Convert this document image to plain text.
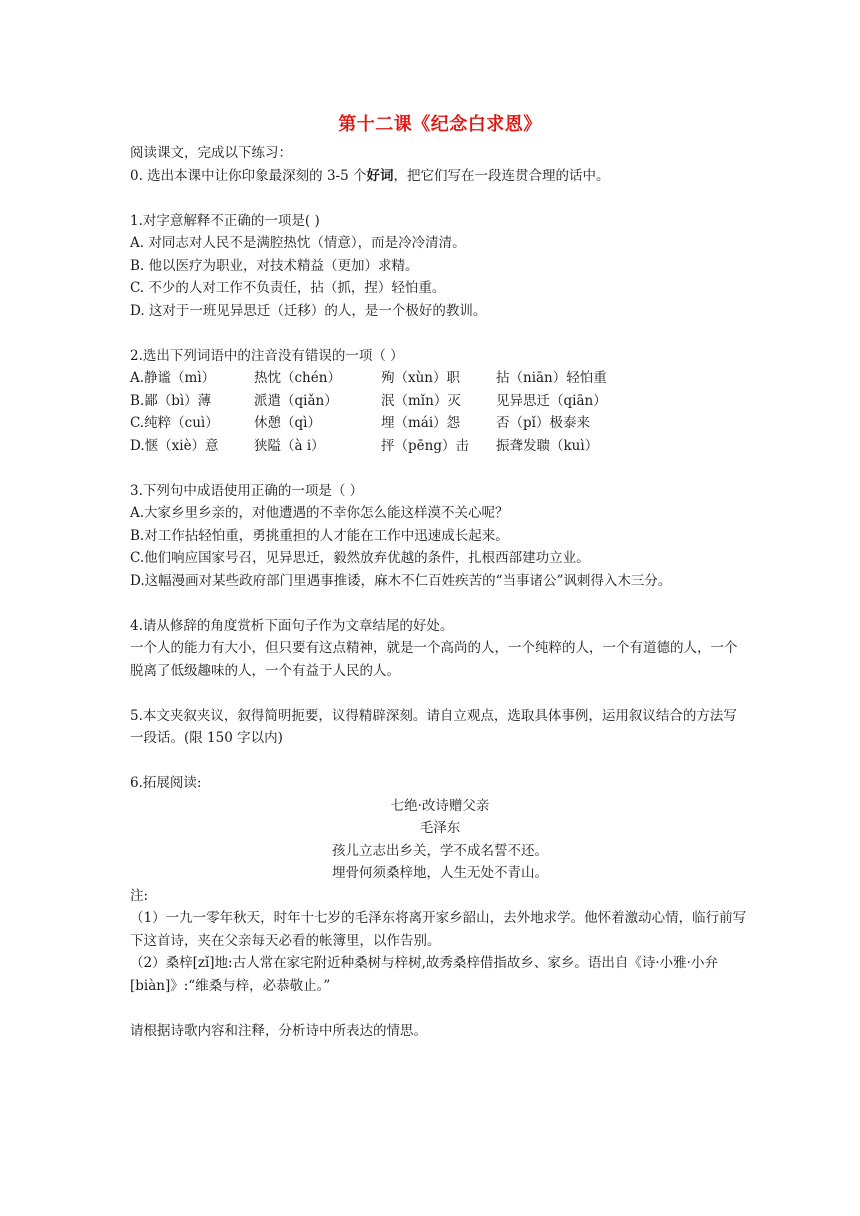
第十二课《纪念白求恩》

阅读课文，完成以下练习：

0. 选出本课中让你印象最深刻的 3-5 个好词，把它们写在一段连贯合理的话中。

1.对字意解释不正确的一项是( )

A. 对同志对人民不是满腔热忱（情意），而是冷冷清清。

B. 他以医疗为职业，对技术精益（更加）求精。

C. 不少的人对工作不负责任，拈（抓，捏）轻怕重。

D. 这对于一班见异思迁（迁移）的人，是一个极好的教训。

2.选出下列词语中的注音没有错误的一项（ ）

A.静谧（mì）	热忱（chén）	殉（xùn）职	拈（niān）轻怕重
B.鄙（bì）薄	派遣（qiǎn）	泯（mǐn）灭	见异思迁（qiān）
C.纯粹（cuì）	休憩（qì）	埋（mái）怨	否（pǐ）极泰来
D.惬（xiè）意	狭隘（à i）	抨（pēng）击	振聋发聩（kuì）

3.下列句中成语使用正确的一项是（ ）

A.大家乡里乡亲的，对他遭遇的不幸你怎么能这样漠不关心呢？

B.对工作拈轻怕重，勇挑重担的人才能在工作中迅速成长起来。

C.他们响应国家号召，见异思迁，毅然放弃优越的条件，扎根西部建功立业。

D.这幅漫画对某些政府部门里遇事推诿，麻木不仁百姓疾苦的“当事诸公”讽刺得入木三分。

4.请从修辞的角度赏析下面句子作为文章结尾的好处。

一个人的能力有大小，但只要有这点精神，就是一个高尚的人，一个纯粹的人，一个有道德的人，一个脱离了低级趣味的人，一个有益于人民的人。

5.本文夹叙夹议，叙得简明扼要，议得精辟深刻。请自立观点，选取具体事例，运用叙议结合的方法写一段话。(限 150 字以内)

6.拓展阅读:

七绝·改诗赠父亲

毛泽东

孩儿立志出乡关，学不成名誓不还。

埋骨何须桑梓地，人生无处不青山。

注:

（1）一九一零年秋天，时年十七岁的毛泽东将离开家乡韶山，去外地求学。他怀着激动心情，临行前写下这首诗，夹在父亲每天必看的帐簿里，以作告别。

（2）桑梓[zǐ]地:古人常在家宅附近种桑树与梓树,故秀桑梓借指故乡、家乡。语出自《诗·小雅·小弁[biàn]》:“维桑与梓，必恭敬止。”

请根据诗歌内容和注释，分析诗中所表达的情思。
